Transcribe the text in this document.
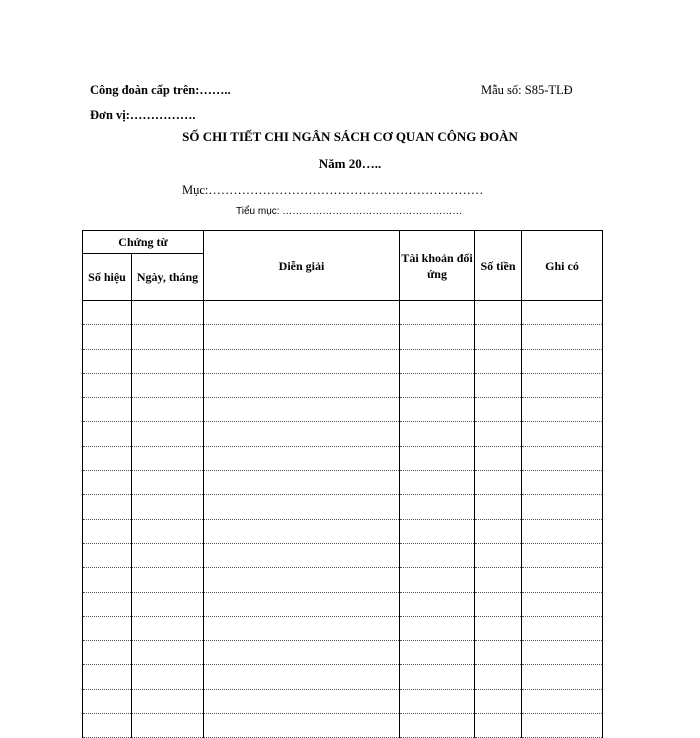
Công đoàn cấp trên:……..	Mẫu số: S85-TLĐ
Đơn vị:…………….
SỐ CHI TIẾT CHI NGÂN SÁCH CƠ QUAN CÔNG ĐOÀN
Năm 20…..
Mục:…………………………………………………………
Tiểu mục: ………………………………………………
Chứng từ		Diễn giải	Tài khoản đối ứng	Số tiền	Ghi có
Số hiệu	Ngày, tháng				
